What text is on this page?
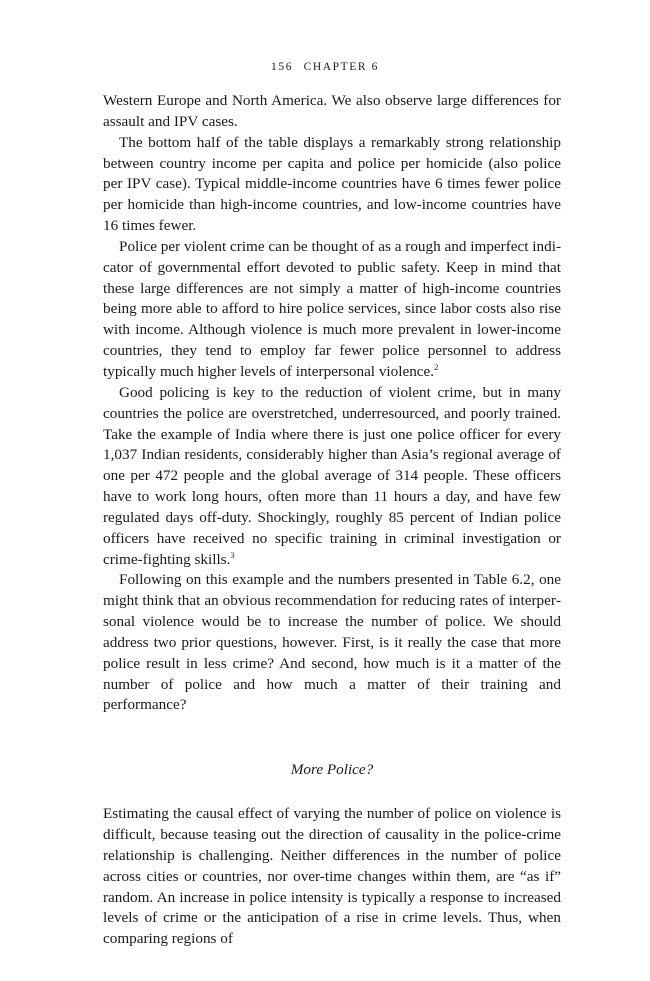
156 CHAPTER 6

Western Europe and North America. We also observe large differences for assault and IPV cases.

The bottom half of the table displays a remarkably strong relationship between country income per capita and police per homicide (also police per IPV case). Typical middle-income countries have 6 times fewer police per homicide than high-income countries, and low-income countries have 16 times fewer.

Police per violent crime can be thought of as a rough and imperfect indicator of governmental effort devoted to public safety. Keep in mind that these large differences are not simply a matter of high-income countries being more able to afford to hire police services, since labor costs also rise with income. Although violence is much more prevalent in lower-income countries, they tend to employ far fewer police personnel to address typically much higher levels of interpersonal violence.$^2$

Good policing is key to the reduction of violent crime, but in many countries the police are overstretched, underresourced, and poorly trained. Take the example of India where there is just one police officer for every 1,037 Indian residents, considerably higher than Asia’s regional average of one per 472 people and the global average of 314 people. These officers have to work long hours, often more than 11 hours a day, and have few regulated days off-duty. Shockingly, roughly 85 percent of Indian police officers have received no specific training in criminal investigation or crime-fighting skills.$^3$

Following on this example and the numbers presented in Table 6.2, one might think that an obvious recommendation for reducing rates of interpersonal violence would be to increase the number of police. We should address two prior questions, however. First, is it really the case that more police result in less crime? And second, how much is it a matter of the number of police and how much a matter of their training and performance?

More Police?

Estimating the causal effect of varying the number of police on violence is difficult, because teasing out the direction of causality in the police-crime relationship is challenging. Neither differences in the number of police across cities or countries, nor over-time changes within them, are “as if” random. An increase in police intensity is typically a response to increased levels of crime or the anticipation of a rise in crime levels. Thus, when comparing regions of
